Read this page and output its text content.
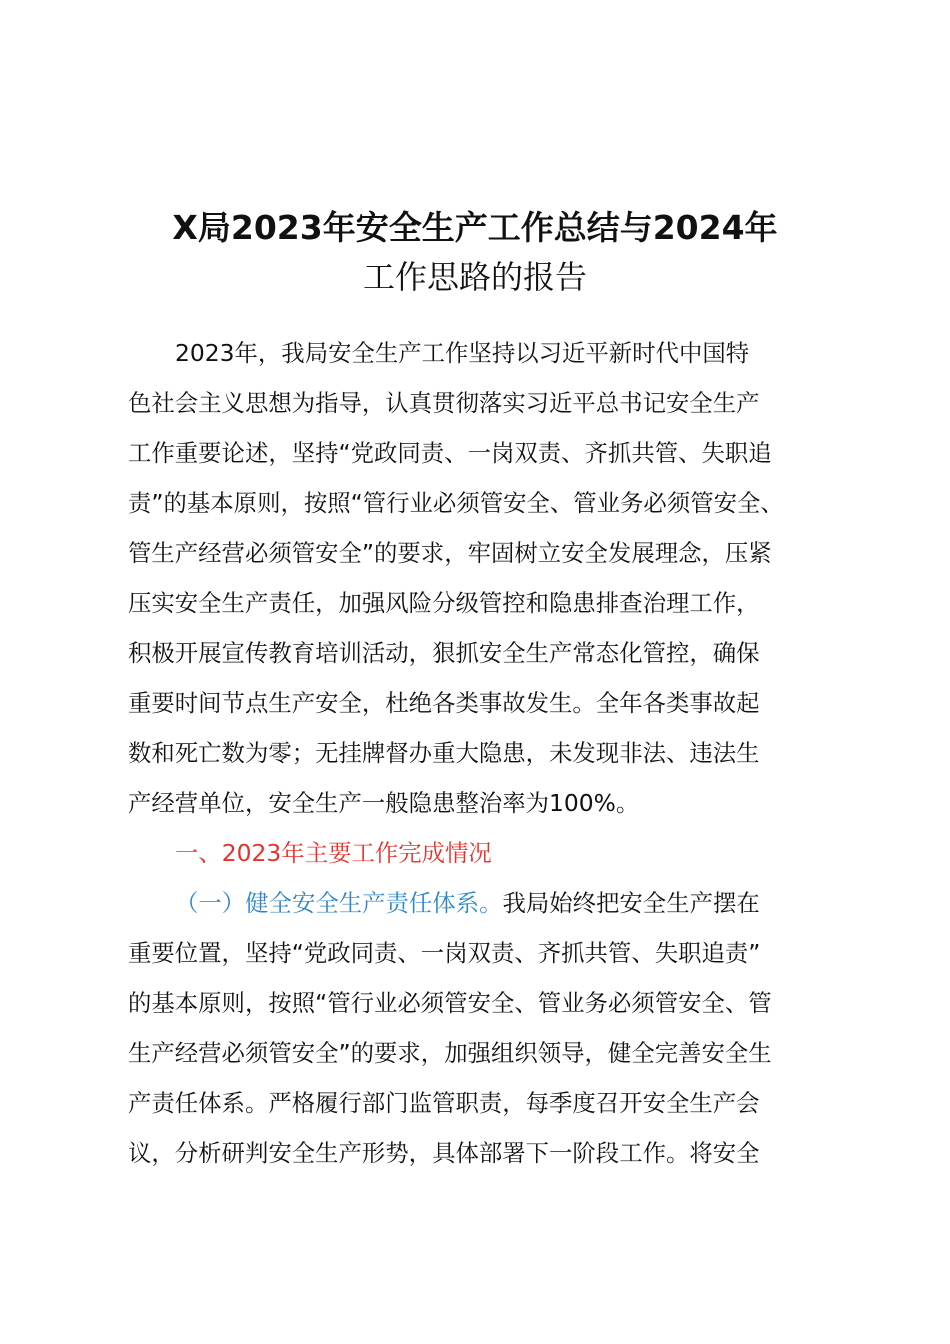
X局2023年安全生产工作总结与2024年
工作思路的报告
2023年，我局安全生产工作坚持以习近平新时代中国特
色社会主义思想为指导，认真贯彻落实习近平总书记安全生产
工作重要论述，坚持“党政同责、一岗双责、齐抓共管、失职追
责”的基本原则，按照“管行业必须管安全、管业务必须管安全、
管生产经营必须管安全”的要求，牢固树立安全发展理念，压紧
压实安全生产责任，加强风险分级管控和隐患排查治理工作，
积极开展宣传教育培训活动，狠抓安全生产常态化管控，确保
重要时间节点生产安全，杜绝各类事故发生。全年各类事故起
数和死亡数为零；无挂牌督办重大隐患，未发现非法、违法生
产经营单位，安全生产一般隐患整治率为100%。
一、2023年主要工作完成情况
（一）健全安全生产责任体系。我局始终把安全生产摆在
重要位置，坚持“党政同责、一岗双责、齐抓共管、失职追责”
的基本原则，按照“管行业必须管安全、管业务必须管安全、管
生产经营必须管安全”的要求，加强组织领导，健全完善安全生
产责任体系。严格履行部门监管职责，每季度召开安全生产会
议，分析研判安全生产形势，具体部署下一阶段工作。将安全
